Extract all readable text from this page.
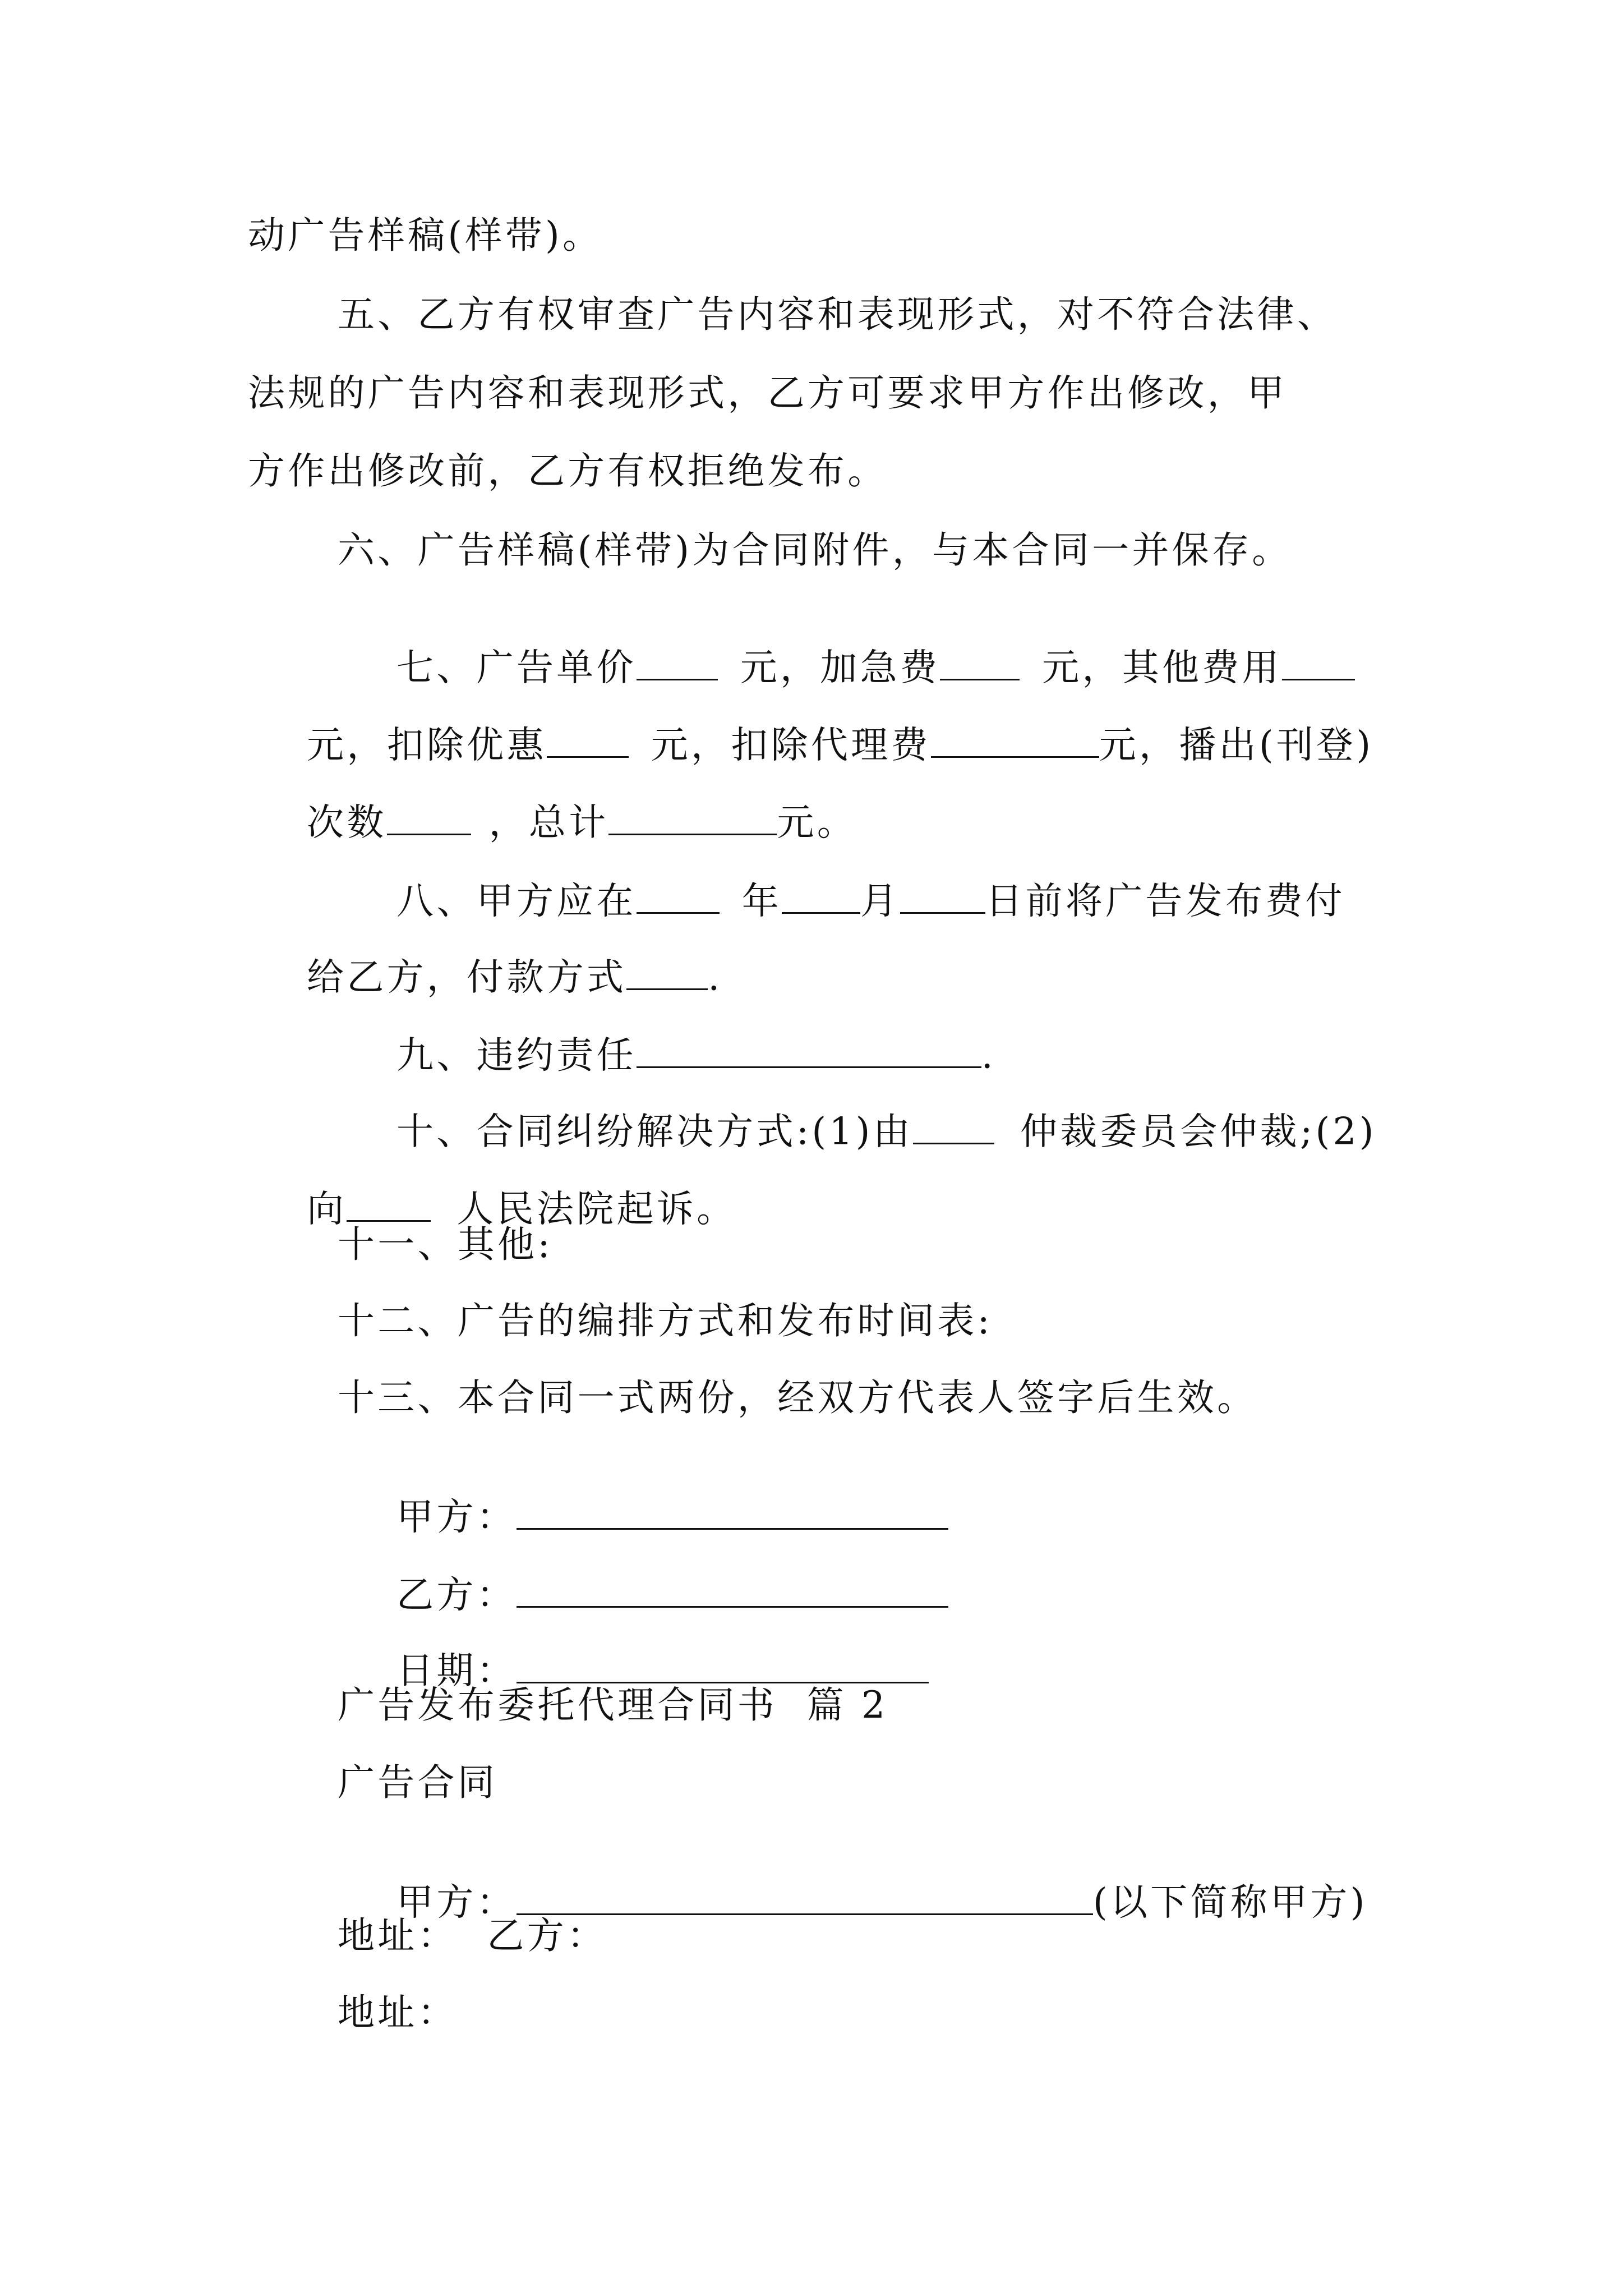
动广告样稿(样带)。
五、乙方有权审查广告内容和表现形式，对不符合法律、
法规的广告内容和表现形式，乙方可要求甲方作出修改，甲
方作出修改前，乙方有权拒绝发布。
六、广告样稿(样带)为合同附件，与本合同一并保存。

七、广告单价	元，加急费	元，其他费用

元，扣除优惠	元，扣除代理费	元，播出(刊登)

次数	，总计	元。

八、甲方应在	年 月 日前将广告发布费付

给乙方，付款方式 .

九、违约责任	.

十、合同纠纷解决方式:(1)由	仲裁委员会仲裁;(2)

向	人民法院起诉。

十一、其他:
十二、广告的编排方式和发布时间表:
十三、本合同一式两份，经双方代表人签字后生效。

甲方：

乙方：

日期：

广告发布委托代理合同书  篇 2
广告合同

甲方：	(以下简称甲方)

地址：  乙方：
地址：
